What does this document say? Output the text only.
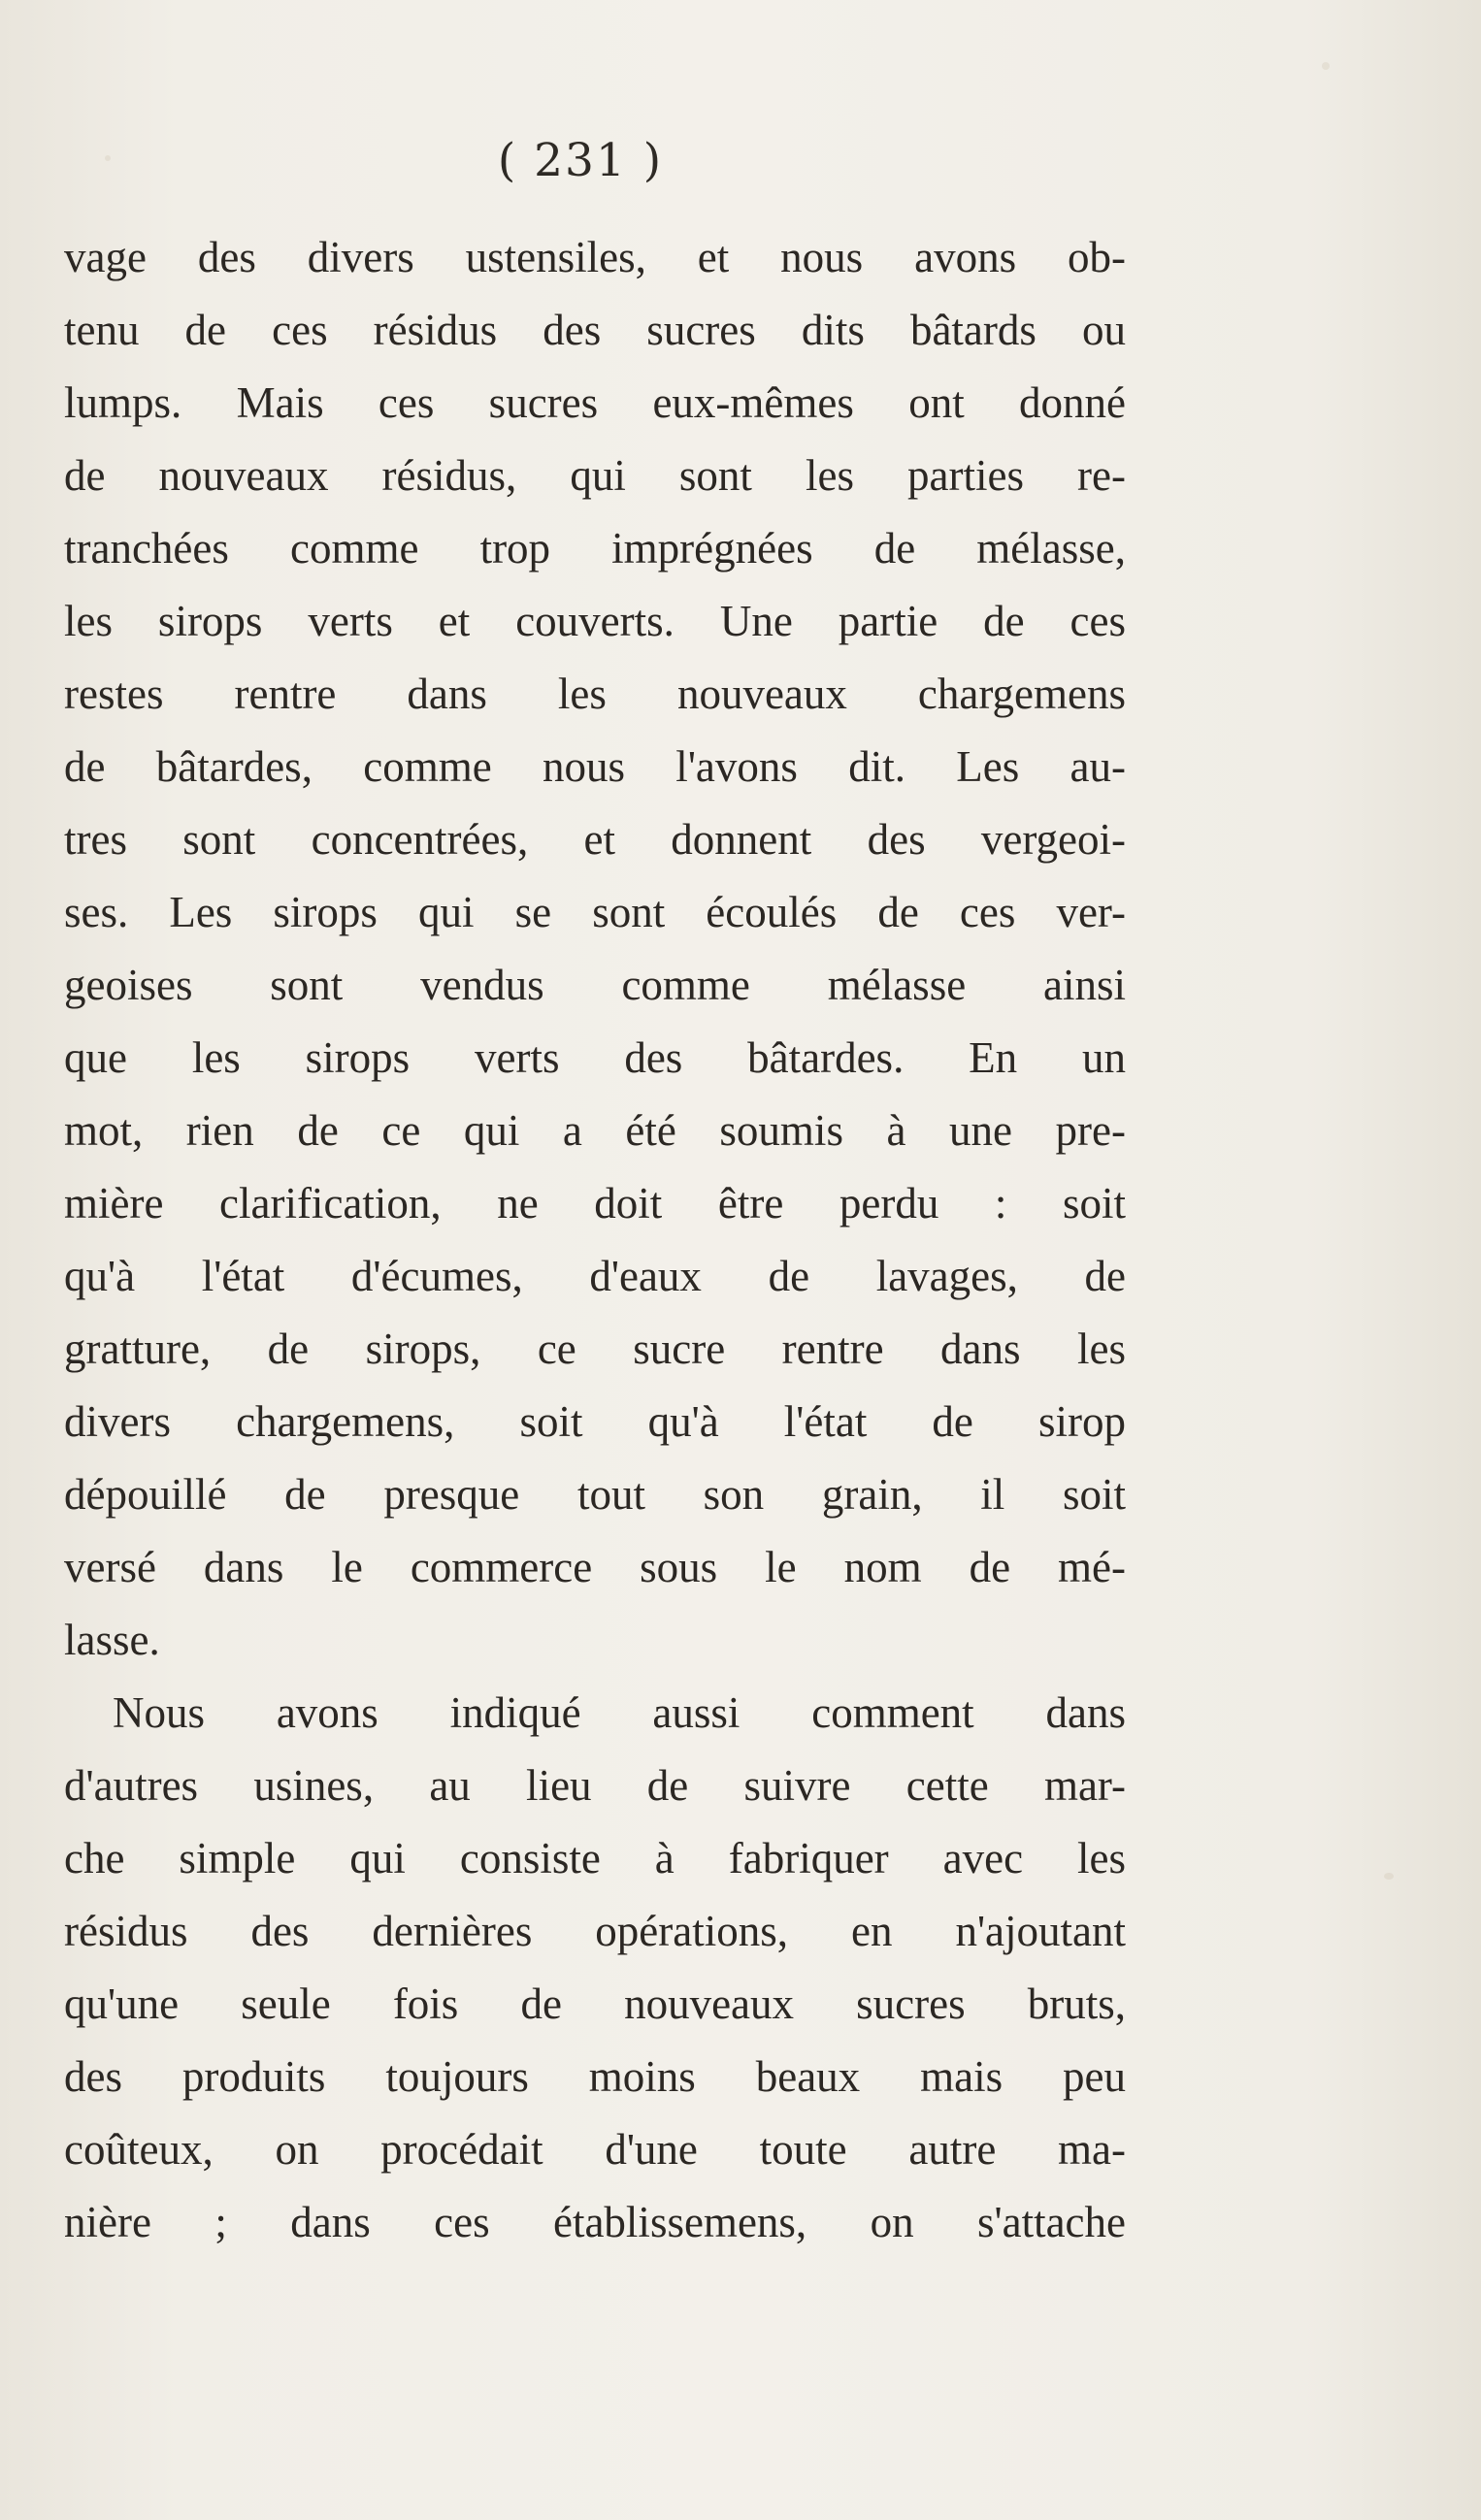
( 231 )
vage des divers ustensiles, et nous avons ob-
tenu de ces résidus des sucres dits bâtards ou
lumps. Mais ces sucres eux-mêmes ont donné
de nouveaux résidus, qui sont les parties re-
tranchées comme trop imprégnées de mélasse,
les sirops verts et couverts. Une partie de ces
restes rentre dans les nouveaux chargemens
de bâtardes, comme nous l'avons dit. Les au-
tres sont concentrées, et donnent des vergeoi-
ses. Les sirops qui se sont écoulés de ces ver-
geoises sont vendus comme mélasse ainsi
que les sirops verts des bâtardes. En un
mot, rien de ce qui a été soumis à une pre-
mière clarification, ne doit être perdu : soit
qu'à l'état d'écumes, d'eaux de lavages, de
gratture, de sirops, ce sucre rentre dans les
divers chargemens, soit qu'à l'état de sirop
dépouillé de presque tout son grain, il soit
versé dans le commerce sous le nom de mé-
lasse.
Nous avons indiqué aussi comment dans
d'autres usines, au lieu de suivre cette mar-
che simple qui consiste à fabriquer avec les
résidus des dernières opérations, en n'ajoutant
qu'une seule fois de nouveaux sucres bruts,
des produits toujours moins beaux mais peu
coûteux, on procédait d'une toute autre ma-
nière ; dans ces établissemens, on s'attache
